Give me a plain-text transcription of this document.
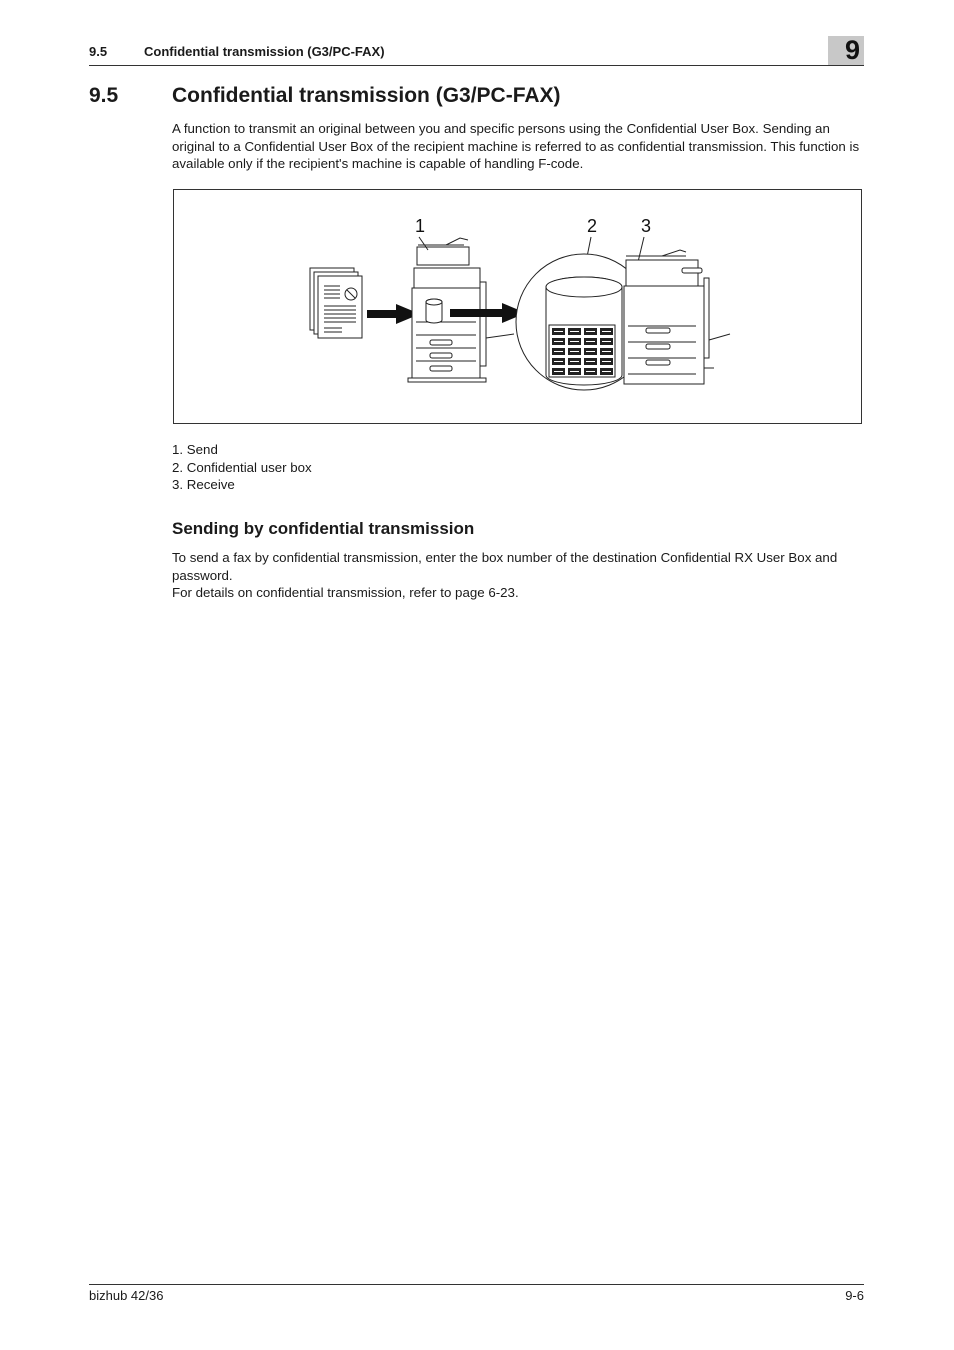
9.5	Confidential transmission (G3/PC-FAX)	9
9.5	Confidential transmission (G3/PC-FAX)
A function to transmit an original between you and specific persons using the Confidential User Box. Sending an original to a Confidential User Box of the recipient machine is referred to as confidential transmission. This function is available only if the recipient's machine is capable of handling F-code.
1	2 3
1. Send
2. Confidential user box
3. Receive
Sending by confidential transmission
To send a fax by confidential transmission, enter the box number of the destination Confidential RX User Box and password.
For details on confidential transmission, refer to page 6-23.
bizhub 42/36	9-6
